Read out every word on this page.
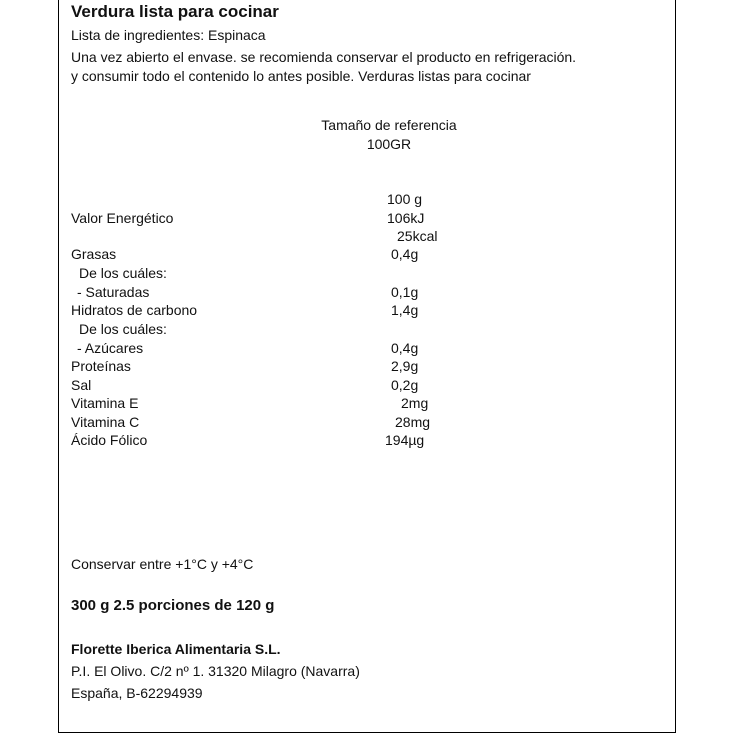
Verdura lista para cocinar
Lista de ingredientes: Espinaca
Una vez abierto el envase. se recomienda conservar el producto en refrigeración.
y consumir todo el contenido lo antes posible. Verduras listas para cocinar
Tamaño de referencia
100GR
100 g
Valor Energético	106kJ
25kcal
Grasas	0,4g
De los cuáles:
- Saturadas	0,1g
Hidratos de carbono	1,4g
De los cuáles:
- Azúcares	0,4g
Proteínas	2,9g
Sal	0,2g
Vitamina E	2mg
Vitamina C	28mg
Ácido Fólico	194µg
Conservar entre +1°C y +4°C
300 g 2.5 porciones de 120 g
Florette Iberica Alimentaria S.L.
P.I. El Olivo. C/2 nº 1. 31320 Milagro (Navarra)
España, B-62294939
